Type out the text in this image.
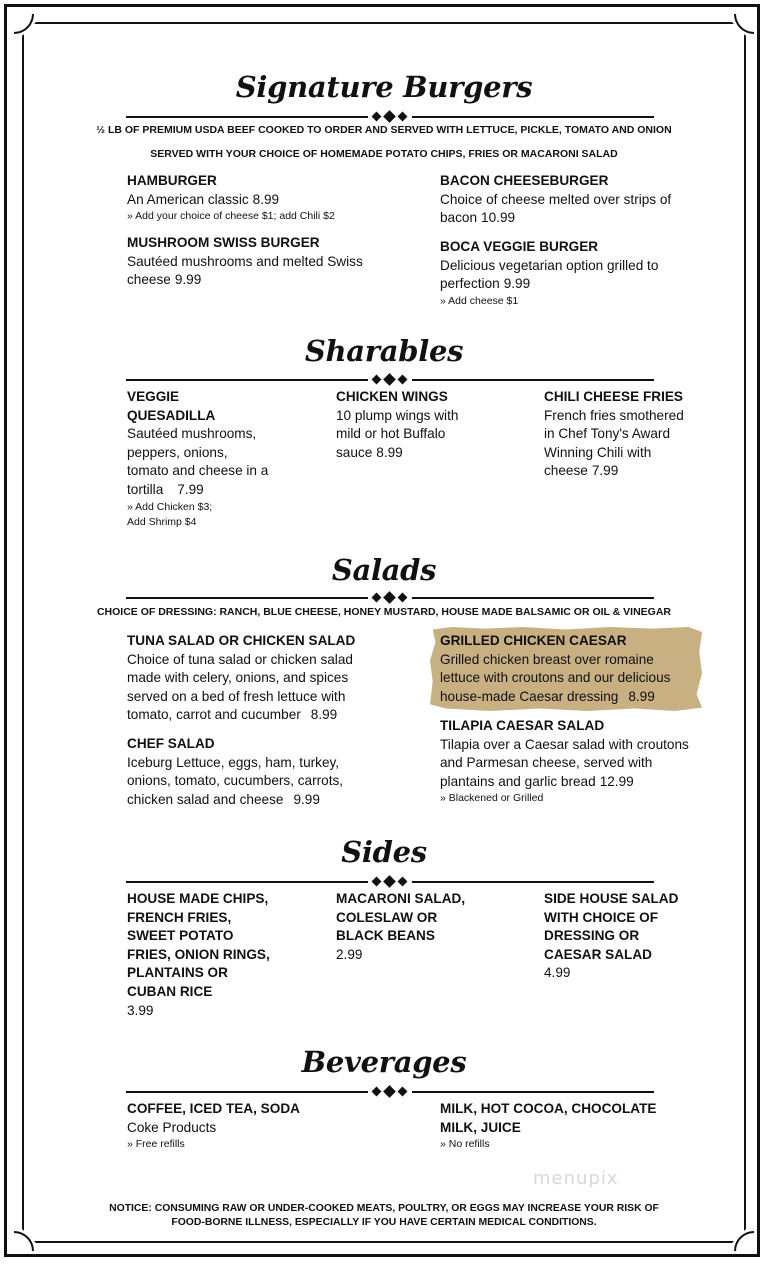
Signature Burgers

½ LB OF PREMIUM USDA BEEF COOKED TO ORDER AND SERVED WITH LETTUCE, PICKLE, TOMATO AND ONION

SERVED WITH YOUR CHOICE OF HOMEMADE POTATO CHIPS, FRIES OR MACARONI SALAD

HAMBURGER

An American classic 8.99

» Add your choice of cheese $1; add Chili $2

MUSHROOM SWISS BURGER

Sautéed mushrooms and melted Swiss

cheese 9.99

BACON CHEESEBURGER

Choice of cheese melted over strips of

bacon 10.99

BOCA VEGGIE BURGER

Delicious vegetarian option grilled to

perfection 9.99

» Add cheese $1

Sharables

VEGGIE

QUESADILLA

Sautéed mushrooms,

peppers, onions,

tomato and cheese in a

tortilla 7.99

» Add Chicken $3;

Add Shrimp $4

CHICKEN WINGS

10 plump wings with

mild or hot Buffalo

sauce 8.99

CHILI CHEESE FRIES

French fries smothered

in Chef Tony's Award

Winning Chili with

cheese 7.99

Salads

CHOICE OF DRESSING: RANCH, BLUE CHEESE, HONEY MUSTARD, HOUSE MADE BALSAMIC OR OIL & VINEGAR

TUNA SALAD OR CHICKEN SALAD

Choice of tuna salad or chicken salad

made with celery, onions, and spices

served on a bed of fresh lettuce with

tomato, carrot and cucumber 8.99

CHEF SALAD

Iceburg Lettuce, eggs, ham, turkey,

onions, tomato, cucumbers, carrots,

chicken salad and cheese 9.99

GRILLED CHICKEN CAESAR

Grilled chicken breast over romaine

lettuce with croutons and our delicious

house-made Caesar dressing 8.99

TILAPIA CAESAR SALAD

Tilapia over a Caesar salad with croutons

and Parmesan cheese, served with

plantains and garlic bread 12.99

» Blackened or Grilled

Sides

HOUSE MADE CHIPS,

FRENCH FRIES,

SWEET POTATO

FRIES, ONION RINGS,

PLANTAINS OR

CUBAN RICE

3.99

MACARONI SALAD,

COLESLAW OR

BLACK BEANS

2.99

SIDE HOUSE SALAD

WITH CHOICE OF

DRESSING OR

CAESAR SALAD

4.99

Beverages

COFFEE, ICED TEA, SODA

Coke Products

» Free refills

MILK, HOT COCOA, CHOCOLATE

MILK, JUICE

» No refills

menupix

NOTICE: CONSUMING RAW OR UNDER-COOKED MEATS, POULTRY, OR EGGS MAY INCREASE YOUR RISK OF

FOOD-BORNE ILLNESS, ESPECIALLY IF YOU HAVE CERTAIN MEDICAL CONDITIONS.
